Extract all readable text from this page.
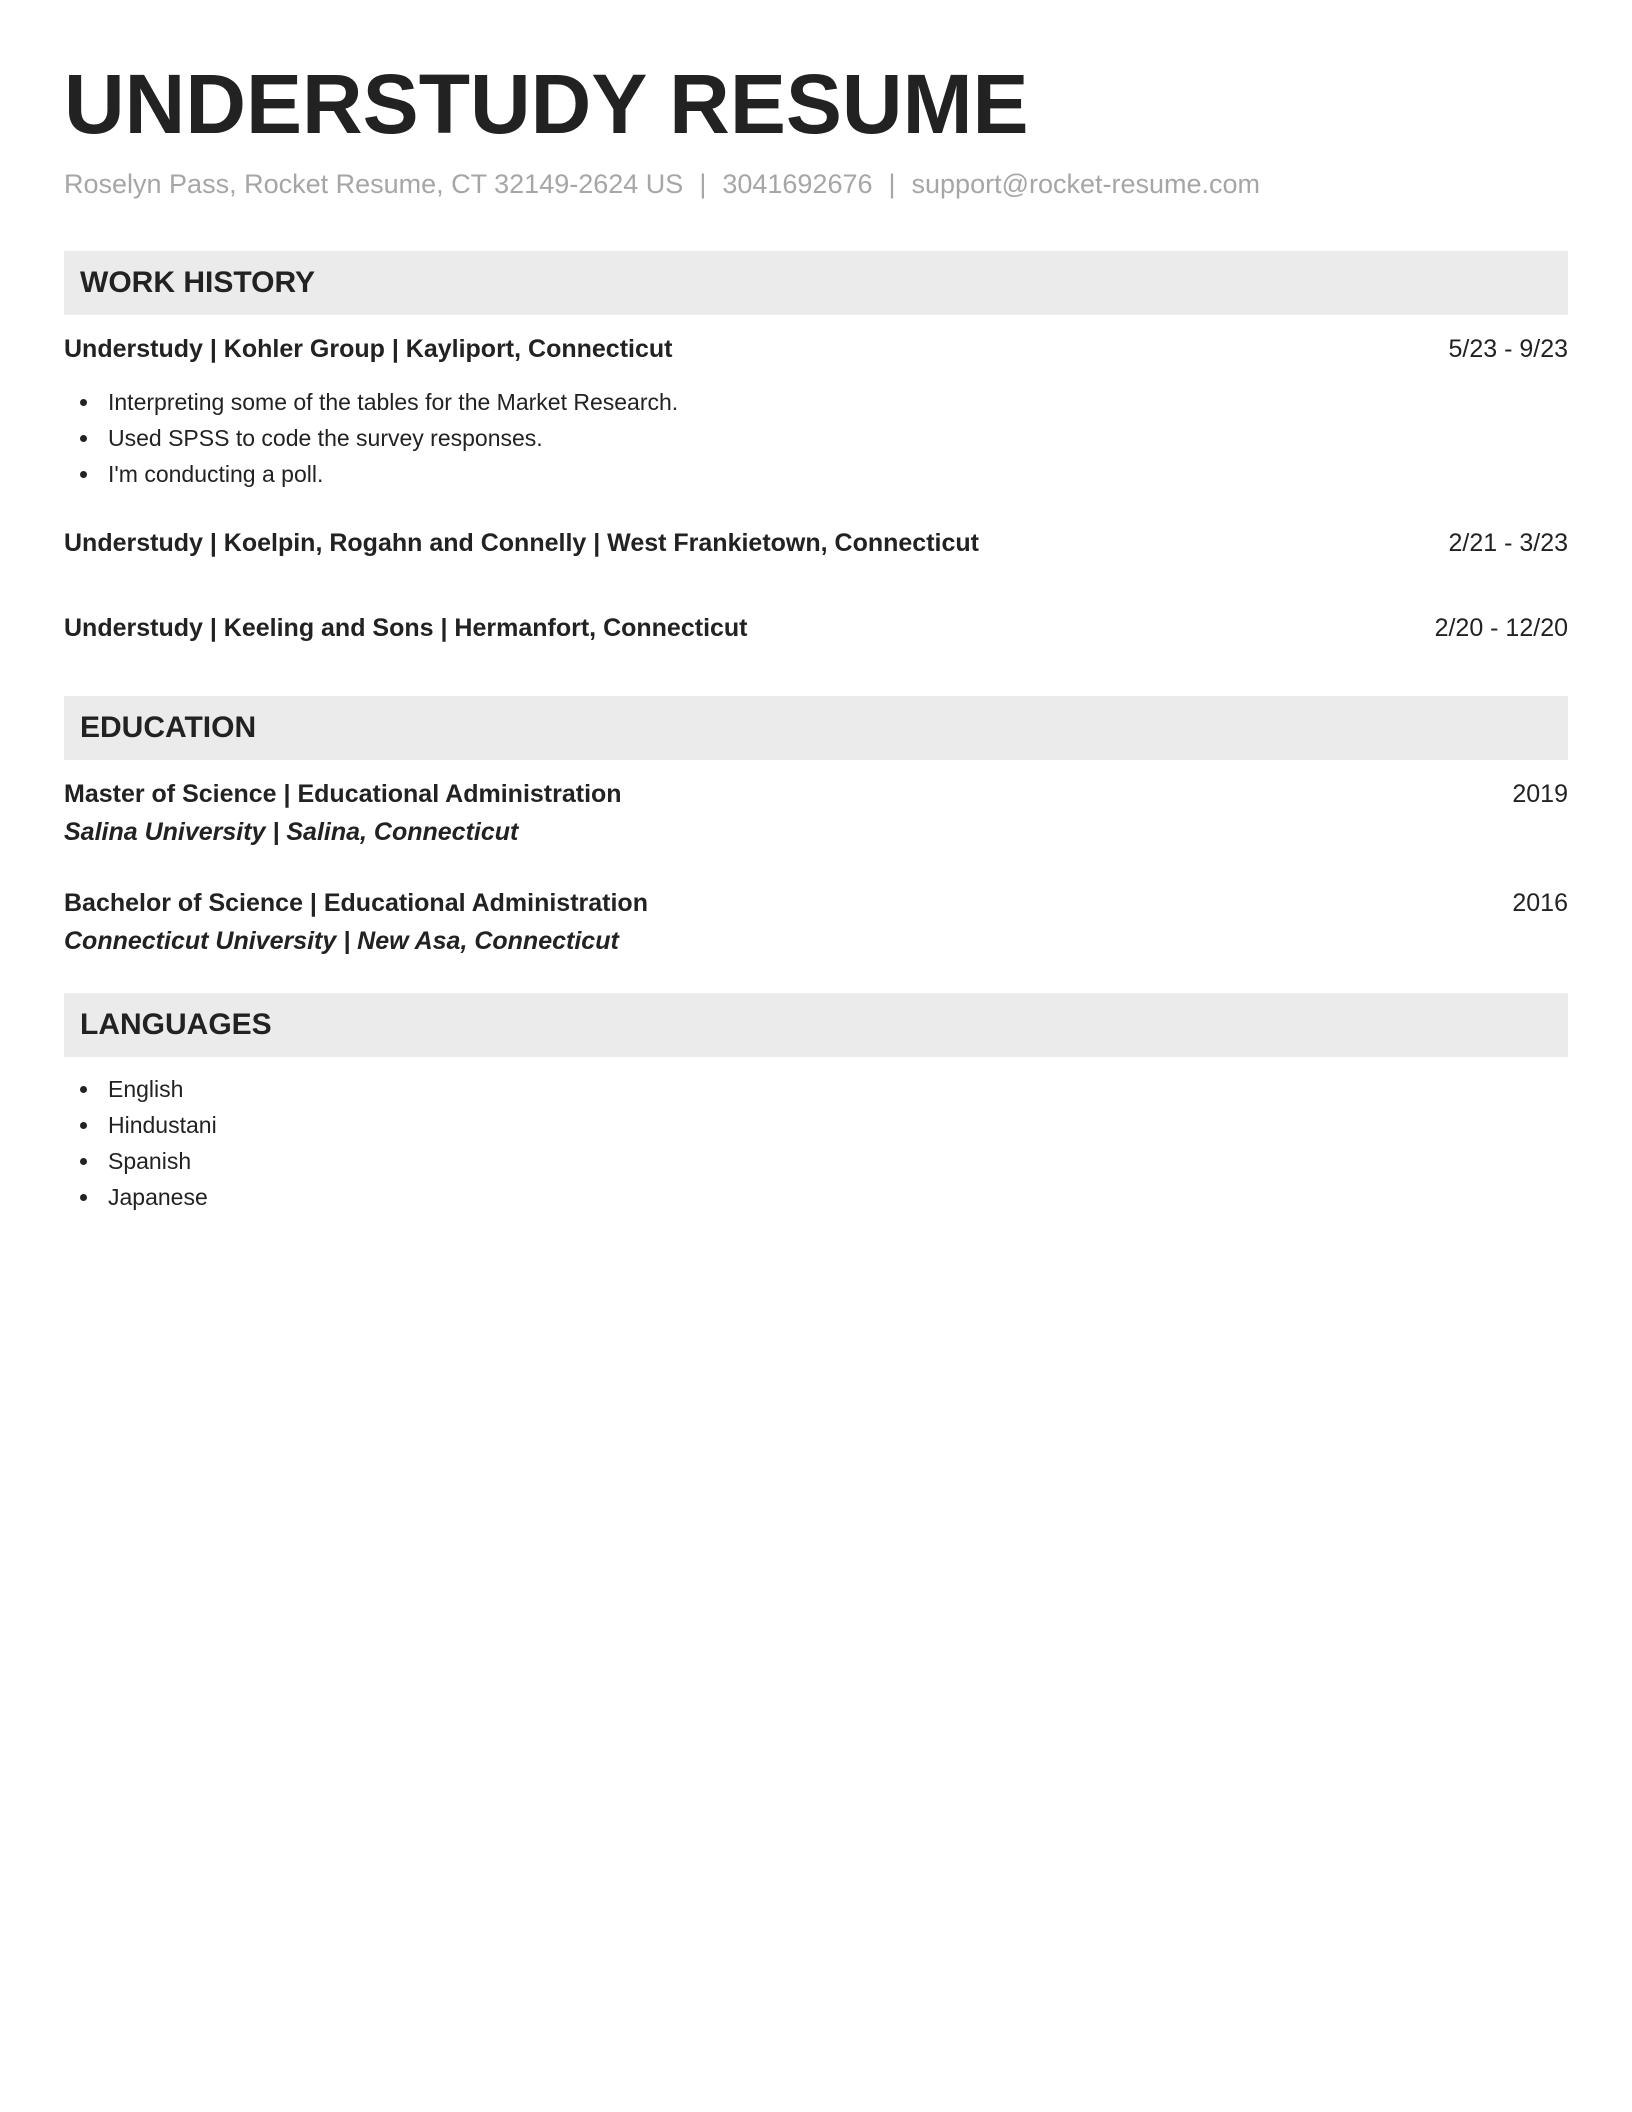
UNDERSTUDY RESUME
Roselyn Pass, Rocket Resume, CT 32149-2624 US | 3041692676 | support@rocket-resume.com
WORK HISTORY
Understudy | Kohler Group | Kayliport, Connecticut	5/23 - 9/23
Interpreting some of the tables for the Market Research.
Used SPSS to code the survey responses.
I'm conducting a poll.
Understudy | Koelpin, Rogahn and Connelly | West Frankietown, Connecticut	2/21 - 3/23
Understudy | Keeling and Sons | Hermanfort, Connecticut	2/20 - 12/20
EDUCATION
Master of Science | Educational Administration	2019
Salina University | Salina, Connecticut
Bachelor of Science | Educational Administration	2016
Connecticut University | New Asa, Connecticut
LANGUAGES
English
Hindustani
Spanish
Japanese
